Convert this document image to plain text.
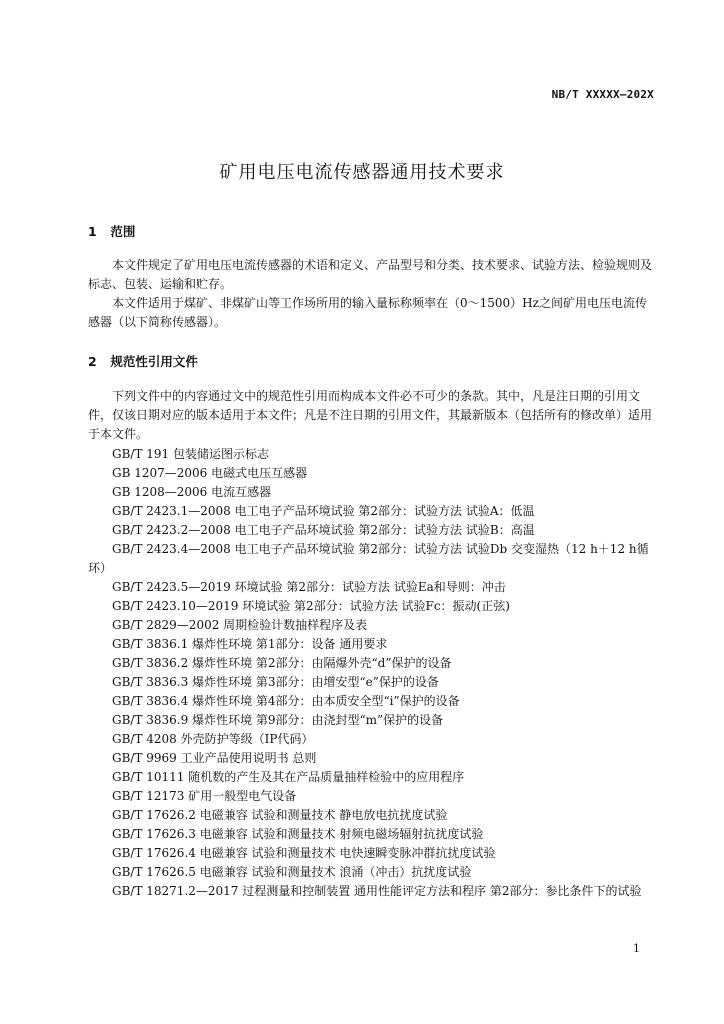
NB/T XXXXX—202X
矿用电压电流传感器通用技术要求
1 范围

本文件规定了矿用电压电流传感器的术语和定义、产品型号和分类、技术要求、试验方法、检验规则及标志、包装、运输和贮存。

本文件适用于煤矿、非煤矿山等工作场所用的输入量标称频率在（0～1500）Hz之间矿用电压电流传感器（以下简称传感器）。

2 规范性引用文件

下列文件中的内容通过文中的规范性引用而构成本文件必不可少的条款。其中，凡是注日期的引用文件，仅该日期对应的版本适用于本文件；凡是不注日期的引用文件，其最新版本（包括所有的修改单）适用于本文件。

GB/T 191 包装储运图示标志
GB 1207—2006 电磁式电压互感器
GB 1208—2006 电流互感器
GB/T 2423.1—2008 电工电子产品环境试验 第2部分：试验方法 试验A：低温
GB/T 2423.2—2008 电工电子产品环境试验 第2部分：试验方法 试验B：高温
GB/T 2423.4—2008 电工电子产品环境试验 第2部分：试验方法 试验Db 交变湿热（12 h＋12 h循环）
GB/T 2423.5—2019 环境试验 第2部分：试验方法 试验Ea和导则：冲击
GB/T 2423.10—2019 环境试验 第2部分：试验方法 试验Fc：振动(正弦)
GB/T 2829—2002 周期检验计数抽样程序及表
GB/T 3836.1 爆炸性环境 第1部分：设备 通用要求
GB/T 3836.2 爆炸性环境 第2部分：由隔爆外壳“d”保护的设备
GB/T 3836.3 爆炸性环境 第3部分：由增安型“e”保护的设备
GB/T 3836.4 爆炸性环境 第4部分：由本质安全型“i”保护的设备
GB/T 3836.9 爆炸性环境 第9部分：由浇封型“m”保护的设备
GB/T 4208 外壳防护等级（IP代码）
GB/T 9969 工业产品使用说明书 总则
GB/T 10111 随机数的产生及其在产品质量抽样检验中的应用程序
GB/T 12173 矿用一般型电气设备
GB/T 17626.2 电磁兼容 试验和测量技术 静电放电抗扰度试验
GB/T 17626.3 电磁兼容 试验和测量技术 射频电磁场辐射抗扰度试验
GB/T 17626.4 电磁兼容 试验和测量技术 电快速瞬变脉冲群抗扰度试验
GB/T 17626.5 电磁兼容 试验和测量技术 浪涌（冲击）抗扰度试验
GB/T 18271.2—2017 过程测量和控制装置 通用性能评定方法和程序 第2部分：参比条件下的试验
1
